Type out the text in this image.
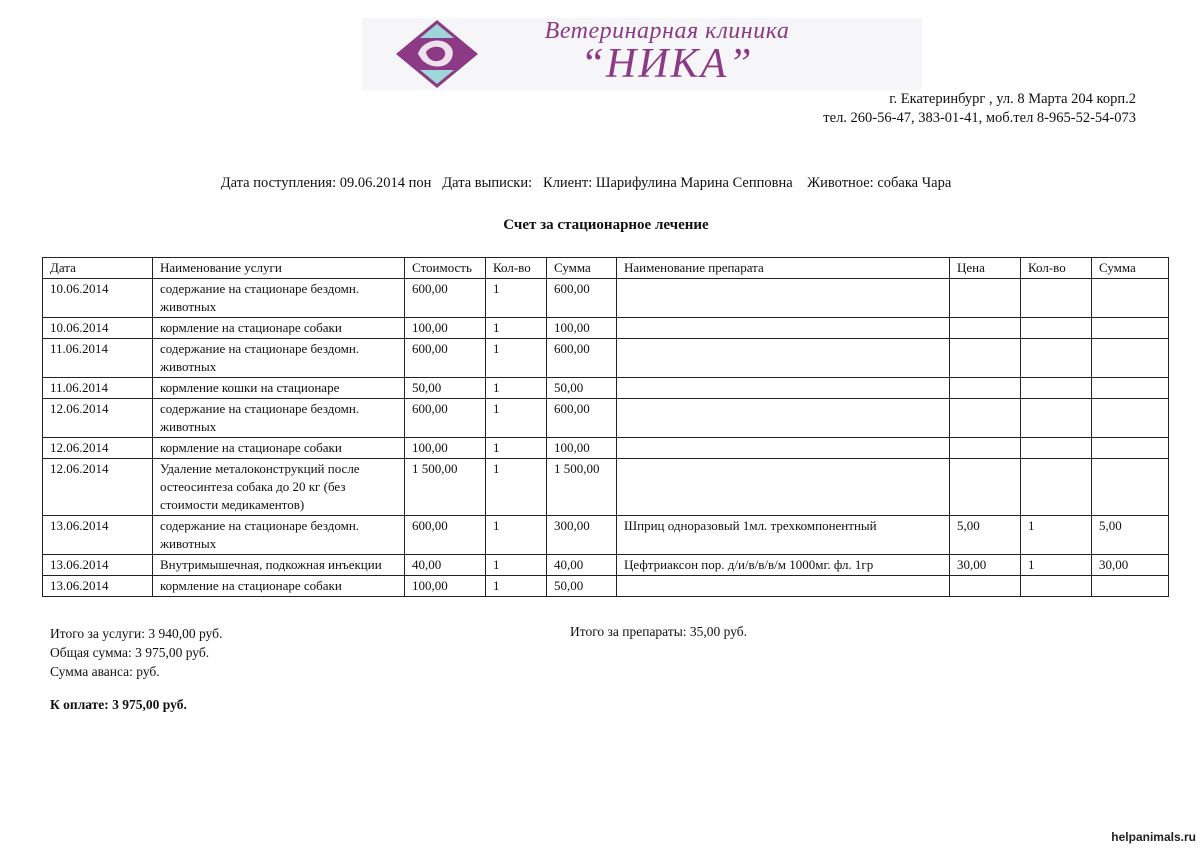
Ветеринарная клиника
“НИКА”
г. Екатеринбург , ул. 8 Марта 204 корп.2
тел. 260-56-47, 383-01-41, моб.тел 8-965-52-54-073
Дата поступления: 09.06.2014 пон   Дата выписки:   Клиент: Шарифулина Марина Сепповна    Животное: собака Чара
Счет за стационарное лечение
Дата	Наименование услуги	Стоимость	Кол-во	Сумма	Наименование препарата	Цена	Кол-во	Сумма
10.06.2014	содержание на стационаре бездомн. животных	600,00	1	600,00				
10.06.2014	кормление на стационаре собаки	100,00	1	100,00				
11.06.2014	содержание на стационаре бездомн. животных	600,00	1	600,00				
11.06.2014	кормление кошки на стационаре	50,00	1	50,00				
12.06.2014	содержание на стационаре бездомн. животных	600,00	1	600,00				
12.06.2014	кормление на стационаре собаки	100,00	1	100,00				
12.06.2014	Удаление металоконструкций после остеосинтеза собака до 20 кг (без стоимости медикаментов)	1 500,00	1	1 500,00				
13.06.2014	содержание на стационаре бездомн. животных	600,00	1	300,00	Шприц одноразовый 1мл. трехкомпонентный	5,00	1	5,00
13.06.2014	Внутримышечная, подкожная инъекции	40,00	1	40,00	Цефтриаксон пор. д/и/в/в/в/м 1000мг. фл. 1гр	30,00	1	30,00
13.06.2014	кормление на стационаре собаки	100,00	1	50,00				
Итого за услуги: 3 940,00 руб.
Общая сумма: 3 975,00 руб.
Сумма аванса: руб.
Итого за препараты: 35,00 руб.
К оплате: 3 975,00 руб.
helpanimals.ru
